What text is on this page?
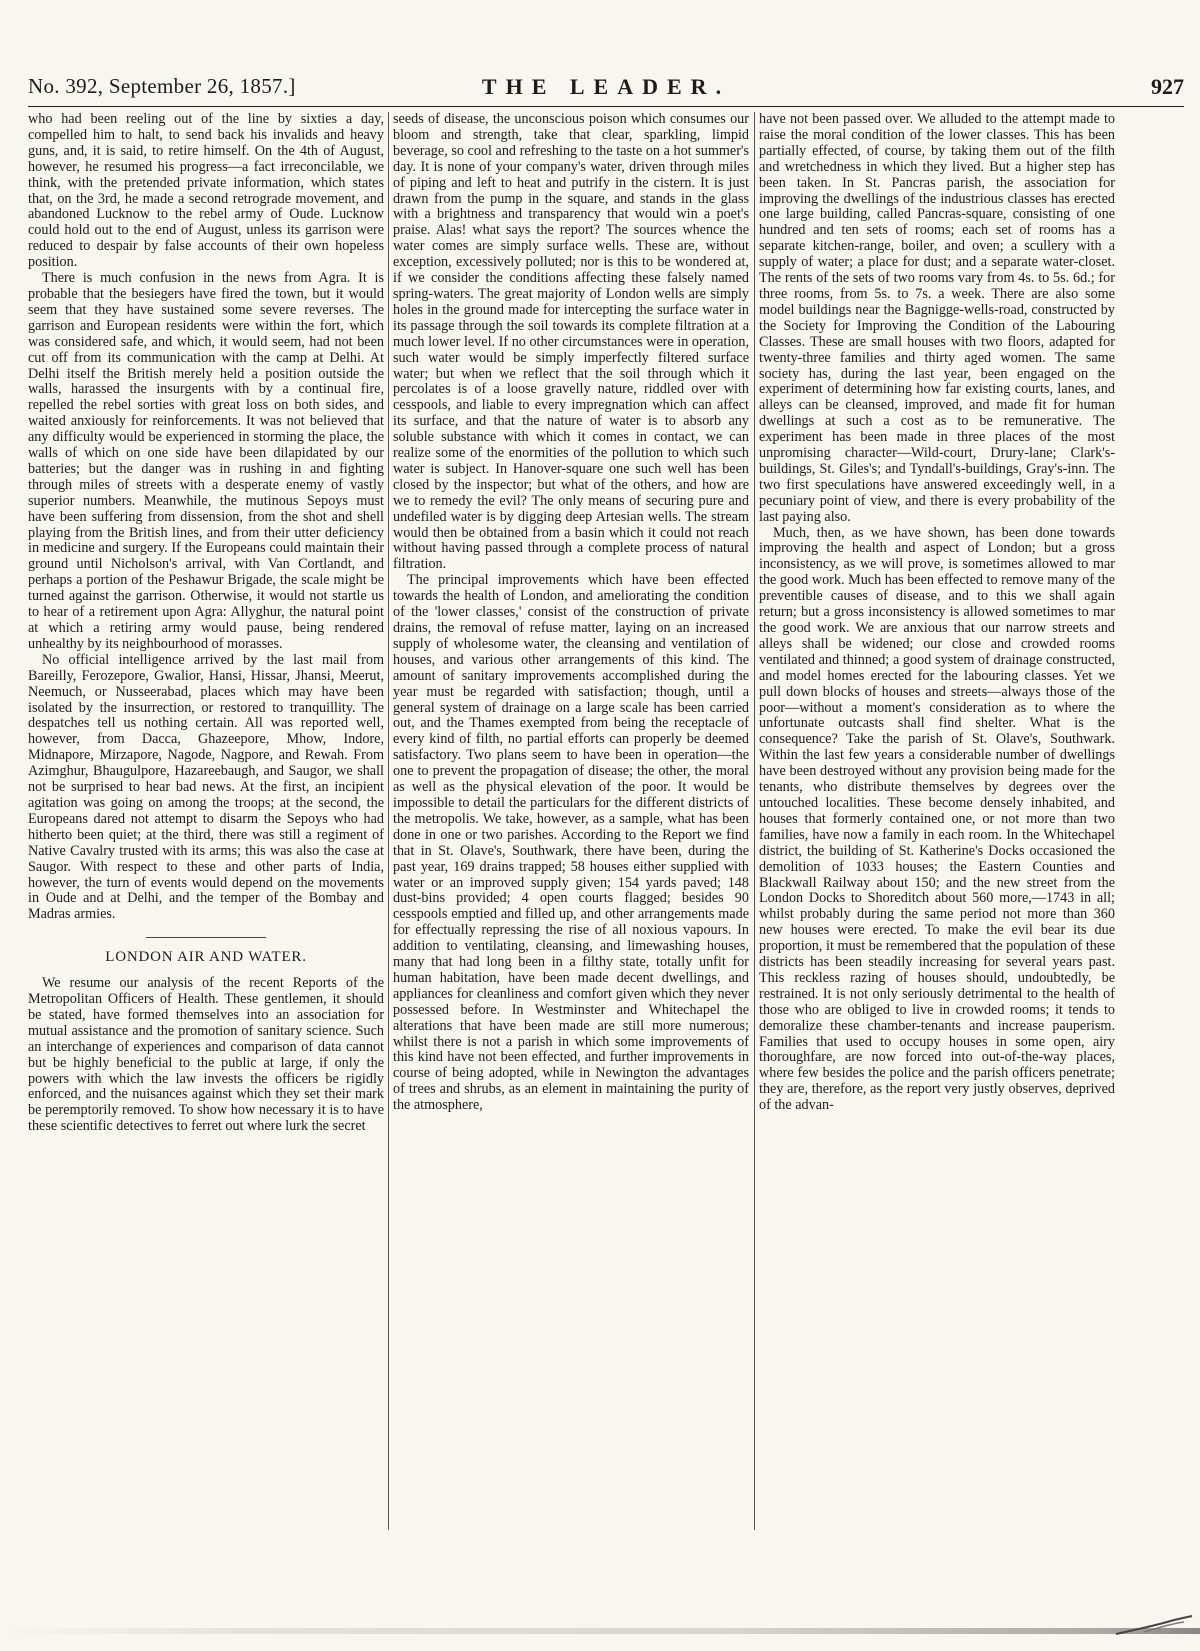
No. 392, September 26, 1857.]	THE LEADER.	927

who had been reeling out of the line by sixties a day, compelled him to halt, to send back his invalids and heavy guns, and, it is said, to retire himself. On the 4th of August, however, he resumed his progress—a fact irreconcilable, we think, with the pretended private information, which states that, on the 3rd, he made a second retrograde movement, and abandoned Lucknow to the rebel army of Oude. Lucknow could hold out to the end of August, unless its garrison were reduced to despair by false accounts of their own hopeless position.

There is much confusion in the news from Agra. It is probable that the besiegers have fired the town, but it would seem that they have sustained some severe reverses. The garrison and European residents were within the fort, which was considered safe, and which, it would seem, had not been cut off from its communication with the camp at Delhi. At Delhi itself the British merely held a position outside the walls, harassed the insurgents with by a continual fire, repelled the rebel sorties with great loss on both sides, and waited anxiously for reinforcements. It was not believed that any difficulty would be experienced in storming the place, the walls of which on one side have been dilapidated by our batteries; but the danger was in rushing in and fighting through miles of streets with a desperate enemy of vastly superior numbers. Meanwhile, the mutinous Sepoys must have been suffering from dissension, from the shot and shell playing from the British lines, and from their utter deficiency in medicine and surgery. If the Europeans could maintain their ground until Nicholson's arrival, with Van Cortlandt, and perhaps a portion of the Peshawur Brigade, the scale might be turned against the garrison. Otherwise, it would not startle us to hear of a retirement upon Agra: Allyghur, the natural point at which a retiring army would pause, being rendered unhealthy by its neighbourhood of morasses.

No official intelligence arrived by the last mail from Bareilly, Ferozepore, Gwalior, Hansi, Hissar, Jhansi, Meerut, Neemuch, or Nusseerabad, places which may have been isolated by the insurrection, or restored to tranquillity. The despatches tell us nothing certain. All was reported well, however, from Dacca, Ghazeepore, Mhow, Indore, Midnapore, Mirzapore, Nagode, Nagpore, and Rewah. From Azimghur, Bhaugulpore, Hazareebaugh, and Saugor, we shall not be surprised to hear bad news. At the first, an incipient agitation was going on among the troops; at the second, the Europeans dared not attempt to disarm the Sepoys who had hitherto been quiet; at the third, there was still a regiment of Native Cavalry trusted with its arms; this was also the case at Saugor. With respect to these and other parts of India, however, the turn of events would depend on the movements in Oude and at Delhi, and the temper of the Bombay and Madras armies.

LONDON AIR AND WATER.

We resume our analysis of the recent Reports of the Metropolitan Officers of Health. These gentlemen, it should be stated, have formed themselves into an association for mutual assistance and the promotion of sanitary science. Such an interchange of experiences and comparison of data cannot but be highly beneficial to the public at large, if only the powers with which the law invests the officers be rigidly enforced, and the nuisances against which they set their mark be peremptorily removed. To show how necessary it is to have these scientific detectives to ferret out where lurk the secret

seeds of disease, the unconscious poison which consumes our bloom and strength, take that clear, sparkling, limpid beverage, so cool and refreshing to the taste on a hot summer's day. It is none of your company's water, driven through miles of piping and left to heat and putrify in the cistern. It is just drawn from the pump in the square, and stands in the glass with a brightness and transparency that would win a poet's praise. Alas! what says the report? The sources whence the water comes are simply surface wells. These are, without exception, excessively polluted; nor is this to be wondered at, if we consider the conditions affecting these falsely named spring-waters. The great majority of London wells are simply holes in the ground made for intercepting the surface water in its passage through the soil towards its complete filtration at a much lower level. If no other circumstances were in operation, such water would be simply imperfectly filtered surface water; but when we reflect that the soil through which it percolates is of a loose gravelly nature, riddled over with cesspools, and liable to every impregnation which can affect its surface, and that the nature of water is to absorb any soluble substance with which it comes in contact, we can realize some of the enormities of the pollution to which such water is subject. In Hanover-square one such well has been closed by the inspector; but what of the others, and how are we to remedy the evil? The only means of securing pure and undefiled water is by digging deep Artesian wells. The stream would then be obtained from a basin which it could not reach without having passed through a complete process of natural filtration.

The principal improvements which have been effected towards the health of London, and ameliorating the condition of the 'lower classes,' consist of the construction of private drains, the removal of refuse matter, laying on an increased supply of wholesome water, the cleansing and ventilation of houses, and various other arrangements of this kind. The amount of sanitary improvements accomplished during the year must be regarded with satisfaction; though, until a general system of drainage on a large scale has been carried out, and the Thames exempted from being the receptacle of every kind of filth, no partial efforts can properly be deemed satisfactory. Two plans seem to have been in operation—the one to prevent the propagation of disease; the other, the moral as well as the physical elevation of the poor. It would be impossible to detail the particulars for the different districts of the metropolis. We take, however, as a sample, what has been done in one or two parishes. According to the Report we find that in St. Olave's, Southwark, there have been, during the past year, 169 drains trapped; 58 houses either supplied with water or an improved supply given; 154 yards paved; 148 dust-bins provided; 4 open courts flagged; besides 90 cesspools emptied and filled up, and other arrangements made for effectually repressing the rise of all noxious vapours. In addition to ventilating, cleansing, and limewashing houses, many that had long been in a filthy state, totally unfit for human habitation, have been made decent dwellings, and appliances for cleanliness and comfort given which they never possessed before. In Westminster and Whitechapel the alterations that have been made are still more numerous; whilst there is not a parish in which some improvements of this kind have not been effected, and further improvements in course of being adopted, while in Newington the advantages of trees and shrubs, as an element in maintaining the purity of the atmosphere,

have not been passed over. We alluded to the attempt made to raise the moral condition of the lower classes. This has been partially effected, of course, by taking them out of the filth and wretchedness in which they lived. But a higher step has been taken. In St. Pancras parish, the association for improving the dwellings of the industrious classes has erected one large building, called Pancras-square, consisting of one hundred and ten sets of rooms; each set of rooms has a separate kitchen-range, boiler, and oven; a scullery with a supply of water; a place for dust; and a separate water-closet. The rents of the sets of two rooms vary from 4s. to 5s. 6d.; for three rooms, from 5s. to 7s. a week. There are also some model buildings near the Bagnigge-wells-road, constructed by the Society for Improving the Condition of the Labouring Classes. These are small houses with two floors, adapted for twenty-three families and thirty aged women. The same society has, during the last year, been engaged on the experiment of determining how far existing courts, lanes, and alleys can be cleansed, improved, and made fit for human dwellings at such a cost as to be remunerative. The experiment has been made in three places of the most unpromising character—Wild-court, Drury-lane; Clark's-buildings, St. Giles's; and Tyndall's-buildings, Gray's-inn. The two first speculations have answered exceedingly well, in a pecuniary point of view, and there is every probability of the last paying also.

Much, then, as we have shown, has been done towards improving the health and aspect of London; but a gross inconsistency, as we will prove, is sometimes allowed to mar the good work. Much has been effected to remove many of the preventible causes of disease, and to this we shall again return; but a gross inconsistency is allowed sometimes to mar the good work. We are anxious that our narrow streets and alleys shall be widened; our close and crowded rooms ventilated and thinned; a good system of drainage constructed, and model homes erected for the labouring classes. Yet we pull down blocks of houses and streets—always those of the poor—without a moment's consideration as to where the unfortunate outcasts shall find shelter. What is the consequence? Take the parish of St. Olave's, Southwark. Within the last few years a considerable number of dwellings have been destroyed without any provision being made for the tenants, who distribute themselves by degrees over the untouched localities. These become densely inhabited, and houses that formerly contained one, or not more than two families, have now a family in each room. In the Whitechapel district, the building of St. Katherine's Docks occasioned the demolition of 1033 houses; the Eastern Counties and Blackwall Railway about 150; and the new street from the London Docks to Shoreditch about 560 more,—1743 in all; whilst probably during the same period not more than 360 new houses were erected. To make the evil bear its due proportion, it must be remembered that the population of these districts has been steadily increasing for several years past. This reckless razing of houses should, undoubtedly, be restrained. It is not only seriously detrimental to the health of those who are obliged to live in crowded rooms; it tends to demoralize these chamber-tenants and increase pauperism. Families that used to occupy houses in some open, airy thoroughfare, are now forced into out-of-the-way places, where few besides the police and the parish officers penetrate; they are, therefore, as the report very justly observes, deprived of the advan-
